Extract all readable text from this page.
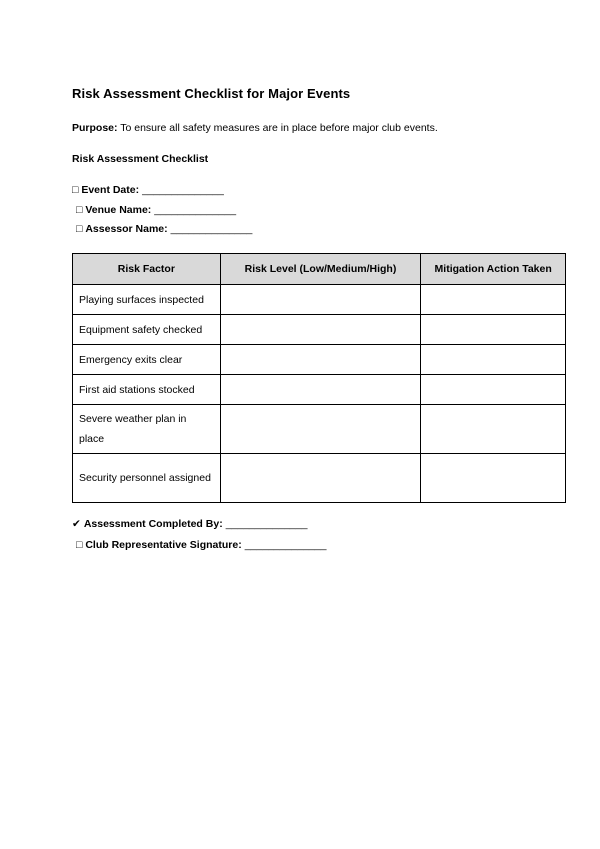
Risk Assessment Checklist for Major Events
Purpose: To ensure all safety measures are in place before major club events.
Risk Assessment Checklist
□ Event Date: ______________
□ Venue Name: ______________
□ Assessor Name: ______________
Risk Factor	Risk Level (Low/Medium/High)	Mitigation Action Taken
Playing surfaces inspected		
Equipment safety checked		
Emergency exits clear		
First aid stations stocked		
Severe weather plan in place		
Security personnel assigned		
✔ Assessment Completed By: ______________
□ Club Representative Signature: ______________
